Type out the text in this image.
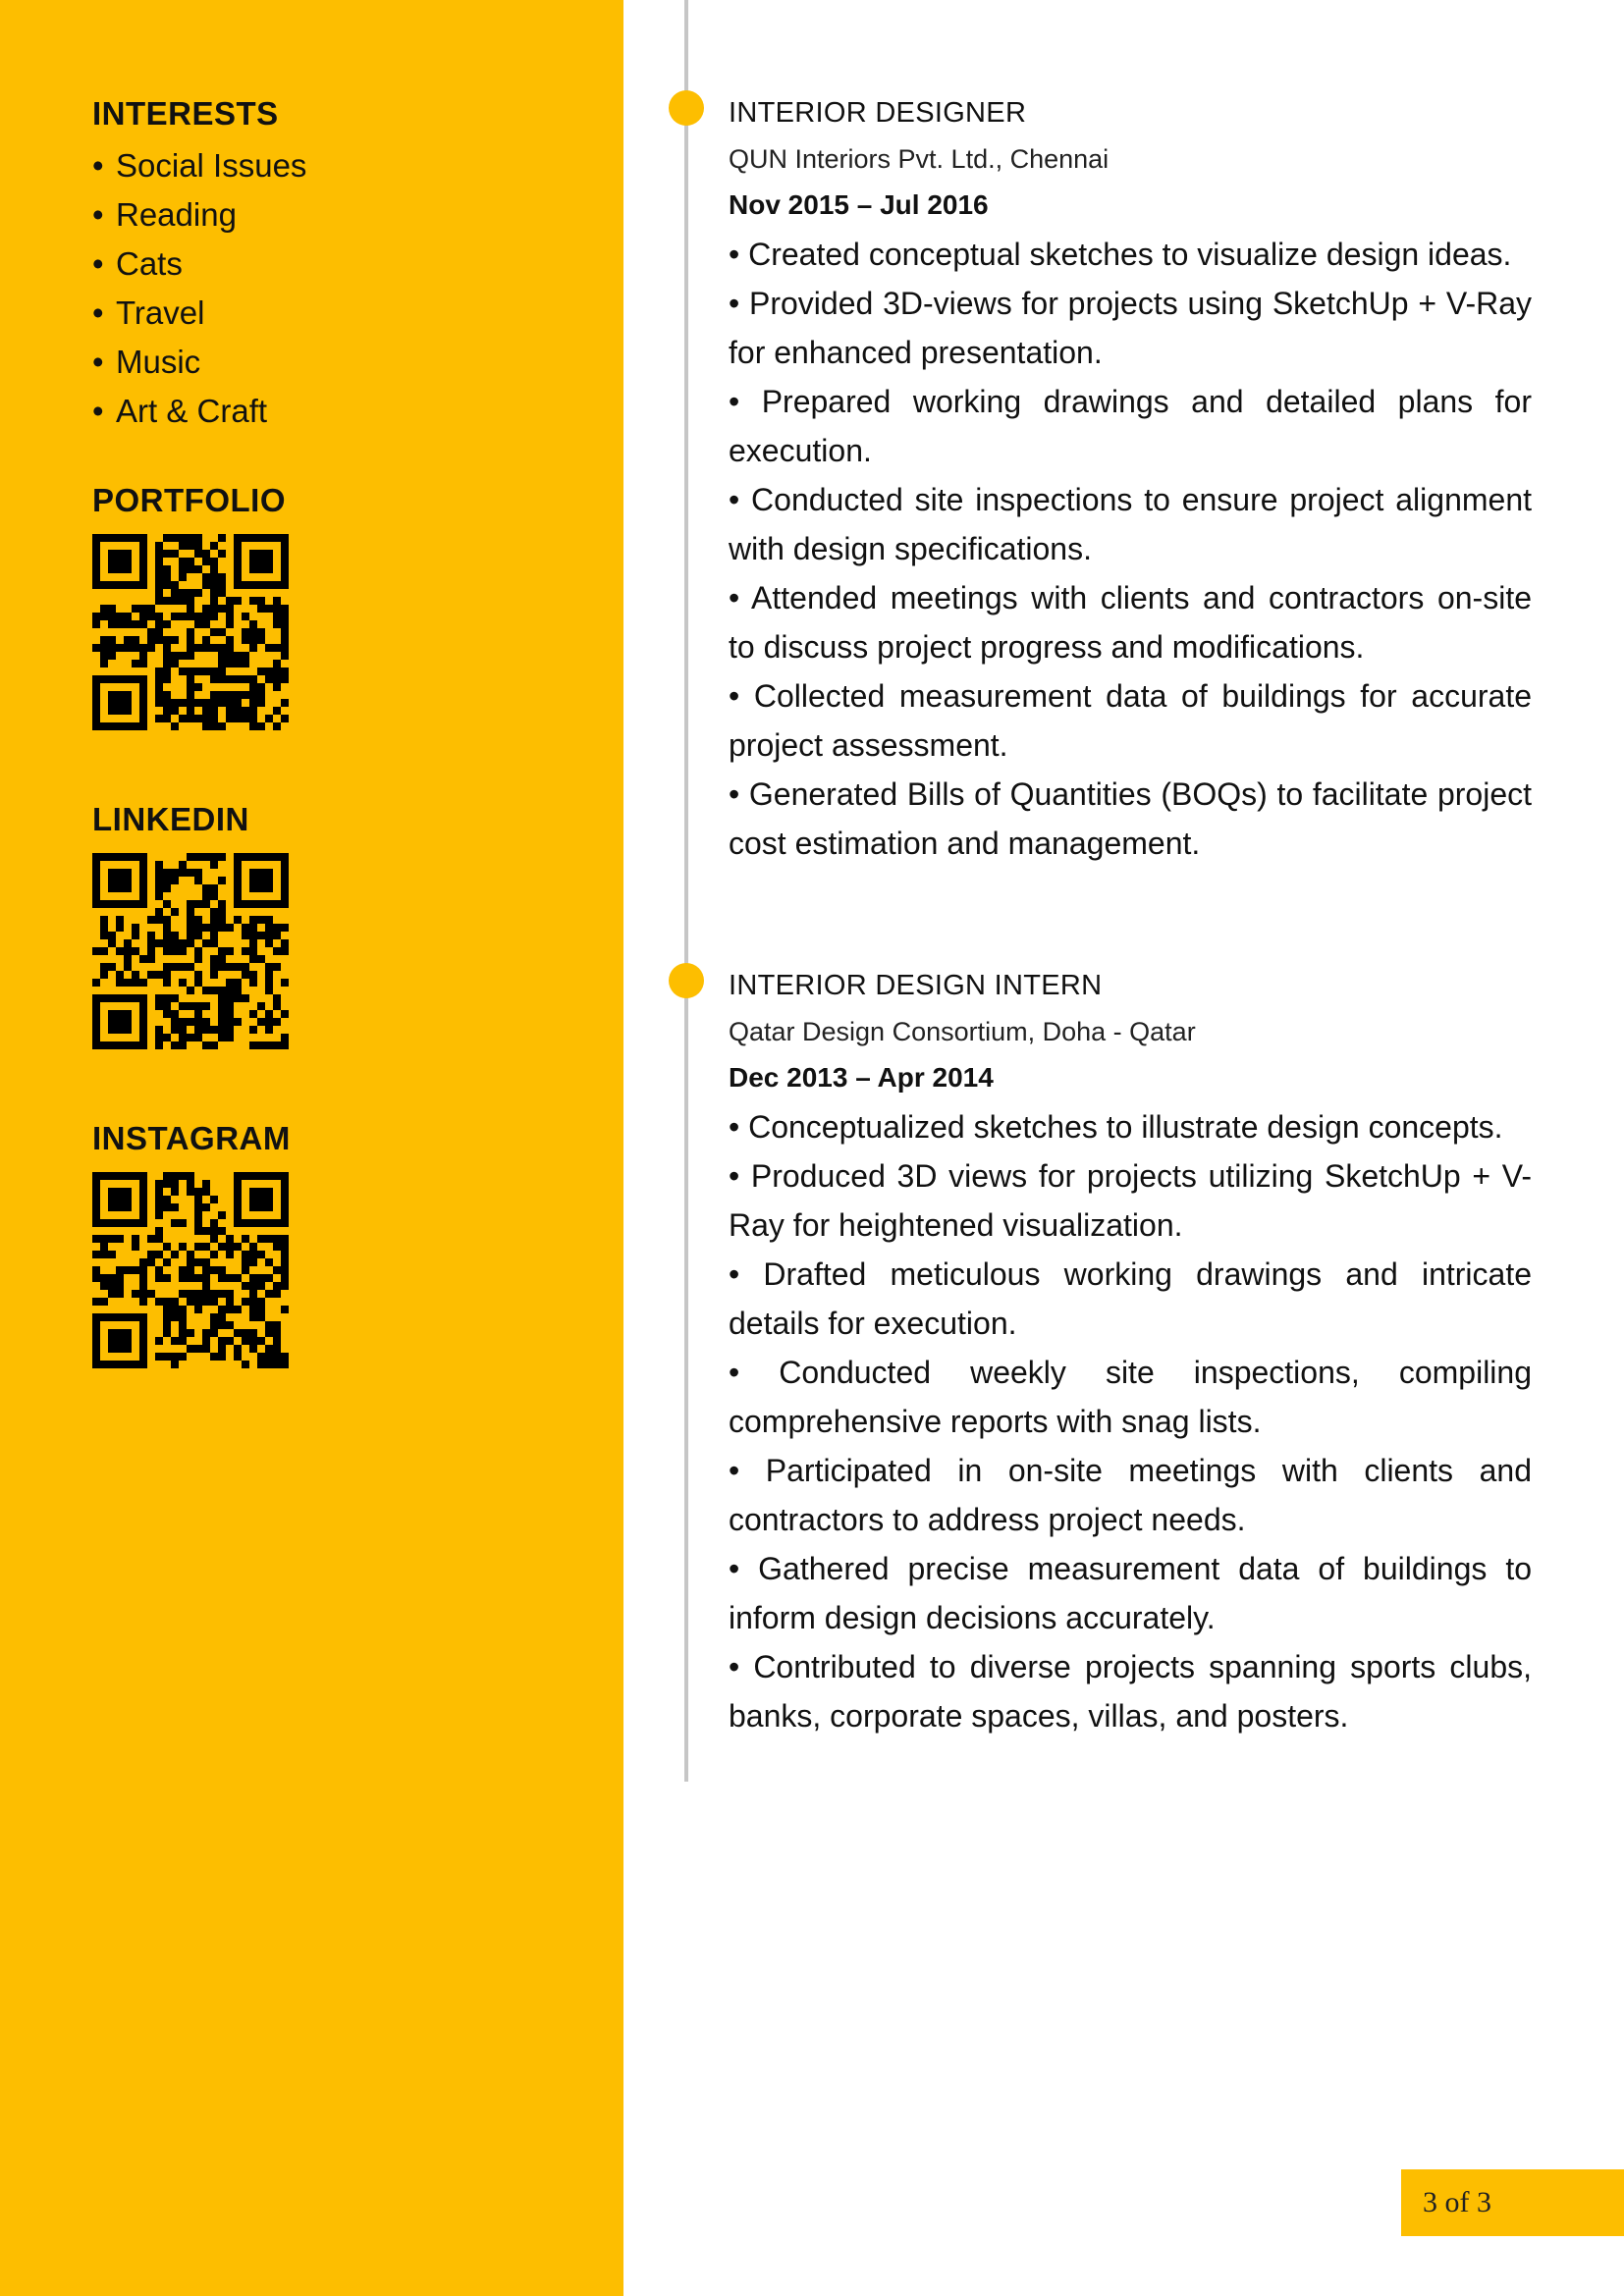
INTERESTS
• Social Issues
• Reading
• Cats
• Travel
• Music
• Art & Craft
PORTFOLIO
LINKEDIN
INSTAGRAM
INTERIOR DESIGNER

QUN Interiors Pvt. Ltd., Chennai

Nov 2015 – Jul 2016

• Created conceptual sketches to visualize design ideas.
• Provided 3D-views for projects using SketchUp + V-Ray for enhanced presentation.
• Prepared working drawings and detailed plans for execution.
• Conducted site inspections to ensure project alignment with design specifications.
• Attended meetings with clients and contractors on-site to discuss project progress and modifications.
• Collected measurement data of buildings for accurate project assessment.
• Generated Bills of Quantities (BOQs) to facilitate project cost estimation and management.
INTERIOR DESIGN INTERN

Qatar Design Consortium, Doha - Qatar

Dec 2013 – Apr 2014

• Conceptualized sketches to illustrate design concepts.
• Produced 3D views for projects utilizing SketchUp + V-Ray for heightened visualization.
• Drafted meticulous working drawings and intricate details for execution.
• Conducted weekly site inspections, compiling comprehensive reports with snag lists.
• Participated in on-site meetings with clients and contractors to address project needs.
• Gathered precise measurement data of buildings to inform design decisions accurately.
• Contributed to diverse projects spanning sports clubs, banks, corporate spaces, villas, and posters.
3 of 3
